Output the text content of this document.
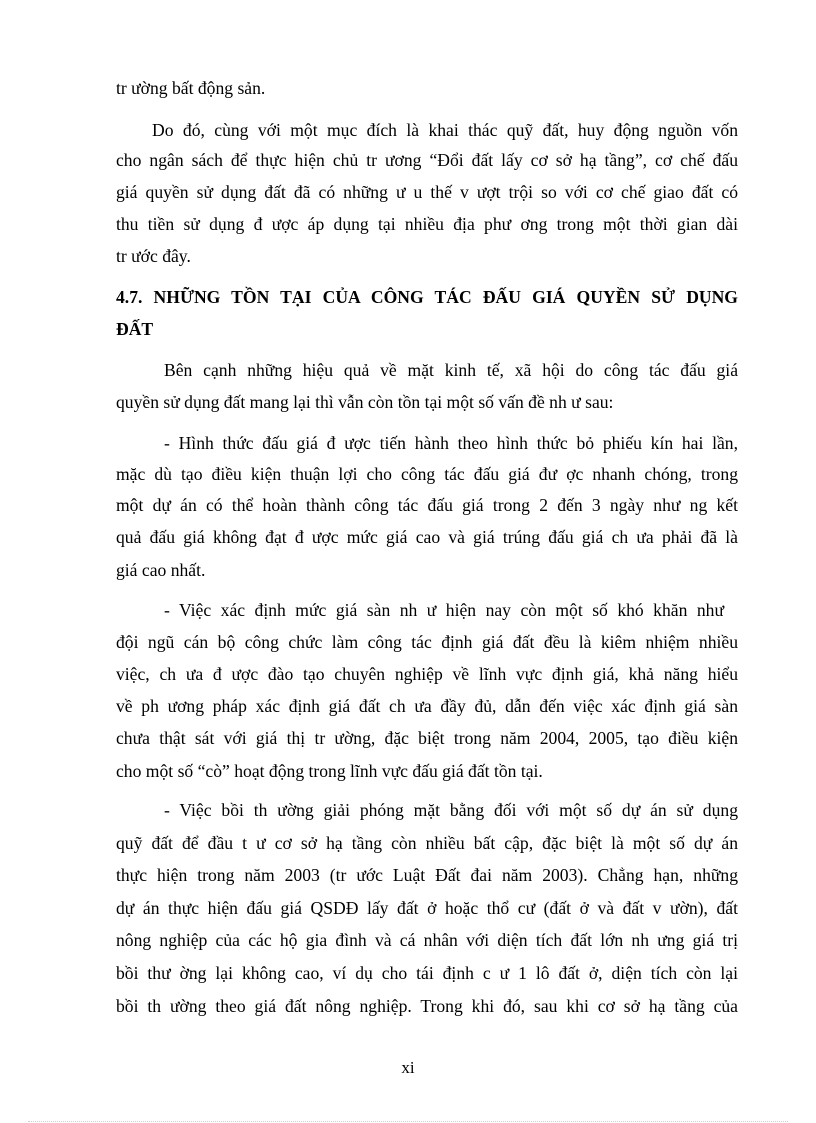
tr ường bất động sản.
Do đó, cùng với một mục đích là khai thác quỹ đất, huy động nguồn vốn
cho ngân sách để thực hiện chủ tr ương “Đổi đất lấy cơ sở hạ tầng”, cơ chế đấu
giá quyền sử dụng đất đã có những ư u thế v ượt trội so với cơ chế giao đất có
thu tiền sử dụng đ ược áp dụng tại nhiều địa phư ơng trong một thời gian dài
tr ước đây.
4.7. NHỮNG TỒN TẠI CỦA CÔNG TÁC ĐẤU GIÁ QUYỀN SỬ DỤNG
ĐẤT
Bên cạnh những hiệu quả về mặt kinh tế, xã hội do công tác đấu giá
quyền sử dụng đất mang lại thì vẫn còn tồn tại một số vấn đề nh ư sau:
- Hình thức đấu giá đ ược tiến hành theo hình thức bỏ phiếu kín hai lần,
mặc dù tạo điều kiện thuận lợi cho công tác đấu giá đư ợc nhanh chóng, trong
một dự án có thể hoàn thành công tác đấu giá trong 2 đến 3 ngày như ng kết
quả đấu giá không đạt đ ược mức giá cao và giá trúng đấu giá ch ưa phải đã là
giá cao nhất.
- Việc xác định mức giá sàn nh ư hiện nay còn một số khó khăn như
đội ngũ cán bộ công chức làm công tác định giá đất đều là kiêm nhiệm nhiều
việc, ch ưa đ ược đào tạo chuyên nghiệp về lĩnh vực định giá, khả năng hiểu
về ph ương pháp xác định giá đất ch ưa đầy đủ, dẫn đến việc xác định giá sàn
chưa thật sát với giá thị tr ường, đặc biệt trong năm 2004, 2005, tạo điều kiện
cho một số “cò” hoạt động trong lĩnh vực đấu giá đất tồn tại.
- Việc bồi th ường giải phóng mặt bằng đối với một số dự án sử dụng
quỹ đất để đầu t ư cơ sở hạ tầng còn nhiều bất cập, đặc biệt là một số dự án
thực hiện trong năm 2003 (tr ước Luật Đất đai năm 2003). Chẳng hạn, những
dự án thực hiện đấu giá QSDĐ lấy đất ở hoặc thổ cư (đất ở và đất v ườn), đất
nông nghiệp của các hộ gia đình và cá nhân với diện tích đất lớn nh ưng giá trị
bồi thư ờng lại không cao, ví dụ cho tái định c ư 1 lô đất ở, diện tích còn lại
bồi th ường theo giá đất nông nghiệp. Trong khi đó, sau khi cơ sở hạ tầng của
xi
